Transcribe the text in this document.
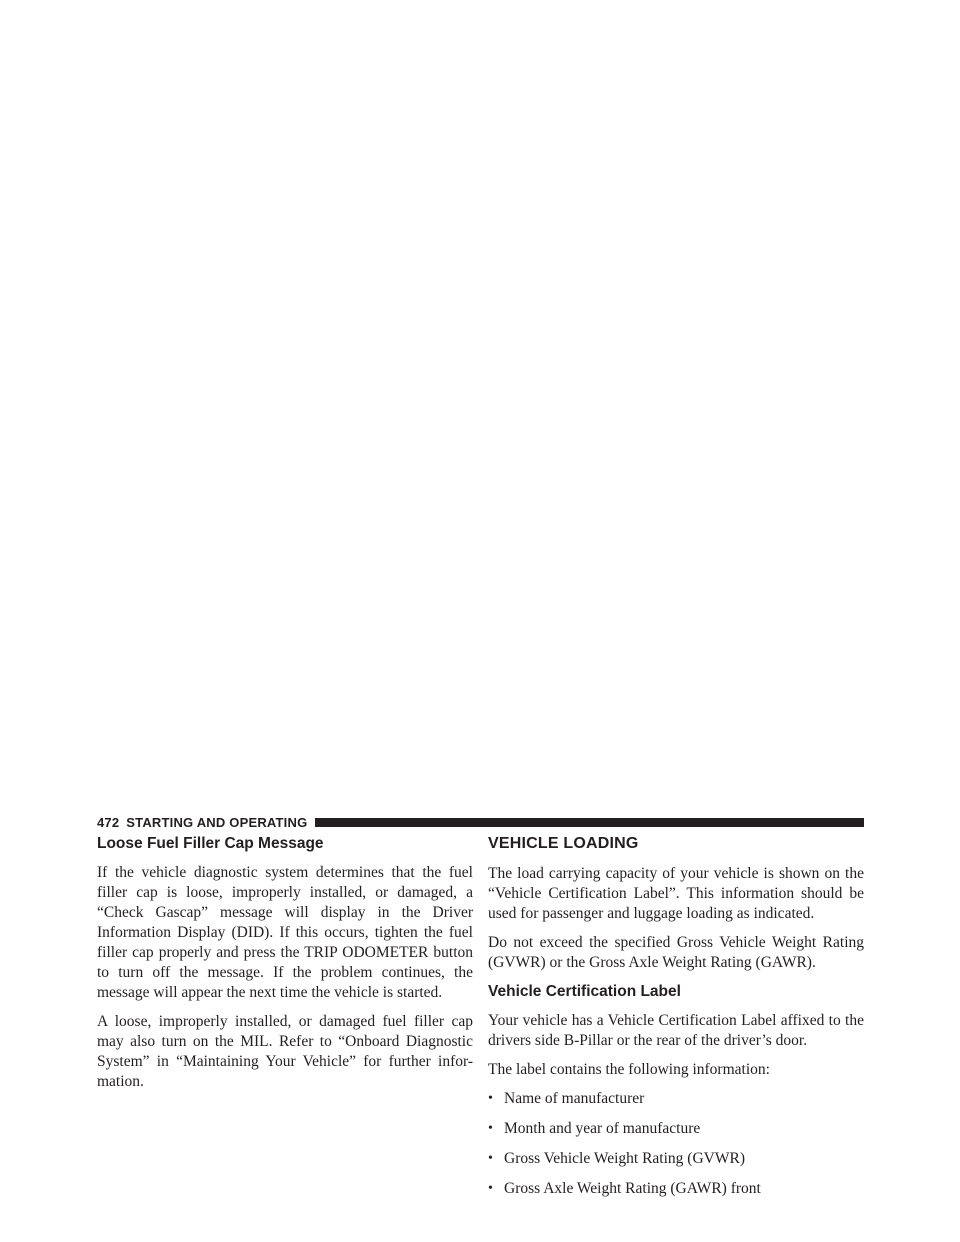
472 STARTING AND OPERATING
Loose Fuel Filler Cap Message

If the vehicle diagnostic system determines that the fuel filler cap is loose, improperly installed, or damaged, a “Check Gascap” message will display in the Driver Information Display (DID). If this occurs, tighten the fuel filler cap properly and press the TRIP ODOMETER button to turn off the message. If the problem continues, the message will appear the next time the vehicle is started.

A loose, improperly installed, or damaged fuel filler cap may also turn on the MIL. Refer to “Onboard Diagnostic System” in “Maintaining Your Vehicle” for further infor-mation.

VEHICLE LOADING

The load carrying capacity of your vehicle is shown on the “Vehicle Certification Label”. This information should be used for passenger and luggage loading as indicated.

Do not exceed the specified Gross Vehicle Weight Rating (GVWR) or the Gross Axle Weight Rating (GAWR).

Vehicle Certification Label

Your vehicle has a Vehicle Certification Label affixed to the drivers side B-Pillar or the rear of the driver’s door.

The label contains the following information:

• Name of manufacturer
• Month and year of manufacture
• Gross Vehicle Weight Rating (GVWR)
• Gross Axle Weight Rating (GAWR) front
